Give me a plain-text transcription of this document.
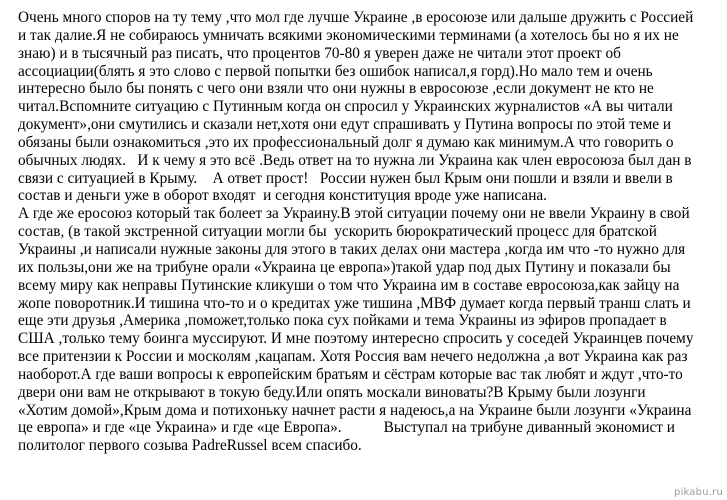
Очень много споров на ту тему ,что мол где лучше Украине ,в еросоюзе или дальше дружить с Россией
и так далие.Я не собираюсь умничать всякими экономическими терминами (а хотелось бы но я их не
знаю) и в тысячный раз писать, что процентов 70-80 я уверен даже не читали этот проект об
ассоциации(блять я это слово с первой попытки без ошибок написал,я горд).Но мало тем и очень
интересно было бы понять с чего они взяли что они нужны в евросоюзе ,если документ не кто не
читал.Вспомните ситуацию с Путинным когда он спросил у Украинских журналистов «А вы читали
документ»,они смутились и сказали нет,хотя они едут спрашивать у Путина вопросы по этой теме и
обязаны были ознакомиться ,это их профессиональный долг я думаю как минимум.А что говорить о
обычных людях.   И к чему я это всё .Ведь ответ на то нужна ли Украина как член евросоюза был дан в
связи с ситуацией в Крыму.    А ответ прост!   России нужен был Крым они пошли и взяли и ввели в
состав и деньги уже в оборот входят  и сегодня конституция вроде уже написана.
А где же еросоюз который так болеет за Украину.В этой ситуации почему они не ввели Украину в свой
состав, (в такой экстренной ситуации могли бы  ускорить бюрократический процесс для братской
Украины ,и написали нужные законы для этого в таких делах они мастера ,когда им что -то нужно для
их пользы,они же на трибуне орали «Украина це европа»)такой удар под дых Путину и показали бы
всему миру как неправы Путинские кликуши о том что Украина им в составе евросоюза,как зайцу на
жопе поворотник.И тишина что-то и о кредитах уже тишина ,МВФ думает когда первый транш слать и
еще эти друзья ,Америка ,поможет,только пока сух пойками и тема Украины из эфиров пропадает в
США ,только тему боинга муссируют. И мне поэтому интересно спросить у соседей Украинцев почему
все притензии к России и москолям ,кацапам. Хотя Россия вам нечего недолжна ,а вот Украина как раз
наоборот.А где ваши вопросы к европейским братьям и сёстрам которые вас так любят и ждут ,что-то
двери они вам не открывают в токую беду.Или опять москали виноваты?В Крыму были лозунги
«Хотим домой»,Крым дома и потихоньку начнет расти я надеюсь,а на Украине были лозунги «Украина
це европа» и где «це Украина» и где «це Европа».           Выступал на трибуне диванный экономист и
политолог первого созыва PadreRussel всем спасибо.
pikabu.ru
